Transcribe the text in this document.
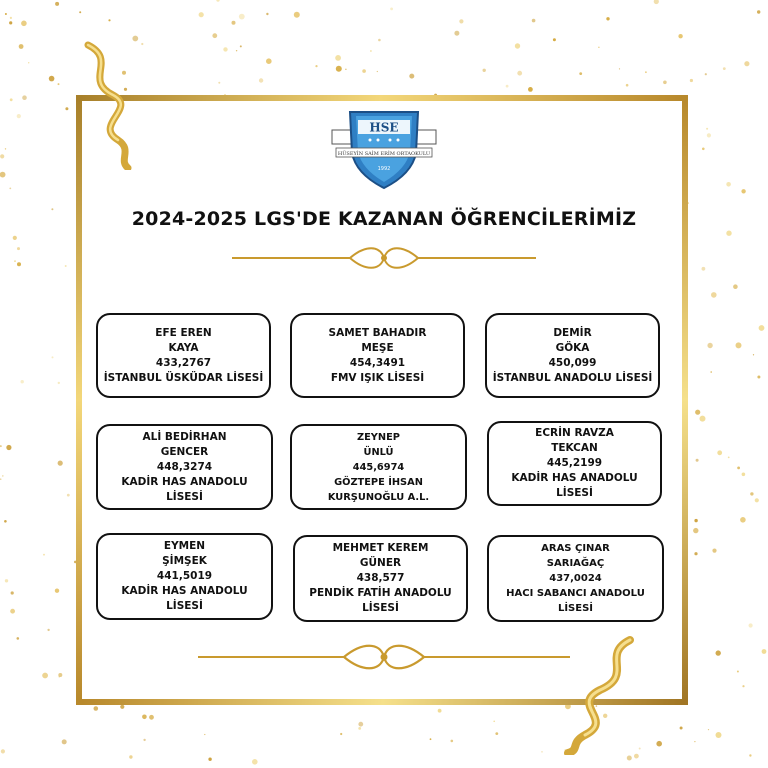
HSE
HÜSEYİN SAİM ERİM ORTAOKULU
1992
2024-2025 LGS'DE KAZANAN ÖĞRENCİLERİMİZ
EFE EREN
KAYA
433,2767
İSTANBUL ÜSKÜDAR LİSESİ
SAMET BAHADIR
MEŞE
454,3491
FMV IŞIK LİSESİ
DEMİR
GÖKA
450,099
İSTANBUL ANADOLU LİSESİ
ALİ BEDİRHAN
GENCER
448,3274
KADİR HAS ANADOLU LİSESİ
ZEYNEP
ÜNLÜ
445,6974
GÖZTEPE İHSAN KURŞUNOĞLU A.L.
ECRİN RAVZA
TEKCAN
445,2199
KADİR HAS ANADOLU LİSESİ
EYMEN
ŞİMŞEK
441,5019
KADİR HAS ANADOLU LİSESİ
MEHMET KEREM
GÜNER
438,577
PENDİK FATİH ANADOLU LİSESİ
ARAS ÇINAR
SARIAĞAÇ
437,0024
HACI SABANCI ANADOLU LİSESİ
